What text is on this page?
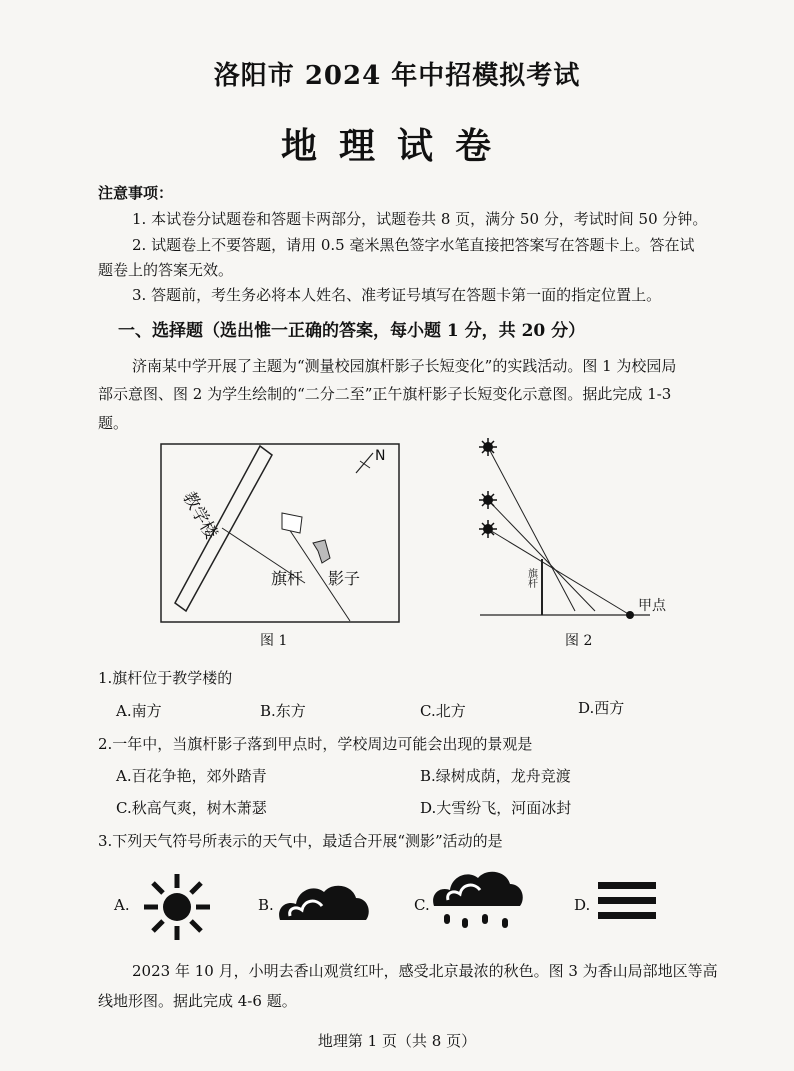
洛阳市 2024 年中招模拟考试
地理试卷
注意事项：
1. 本试卷分试题卷和答题卡两部分，试题卷共 8 页，满分 50 分，考试时间 50 分钟。
2. 试题卷上不要答题，请用 0.5 毫米黑色签字水笔直接把答案写在答题卡上。答在试
题卷上的答案无效。
3. 答题前，考生务必将本人姓名、准考证号填写在答题卡第一面的指定位置上。
一、选择题（选出惟一正确的答案，每小题 1 分，共 20 分）
济南某中学开展了主题为“测量校园旗杆影子长短变化”的实践活动。图 1 为校园局
部示意图、图 2 为学生绘制的“二分二至”正午旗杆影子长短变化示意图。据此完成 1-3
题。
教学楼
旗杆 影子
N
图 1
旗杆
甲点
图 2
1.旗杆位于教学楼的
A.南方	B.东方	C.北方	D.西方
2.一年中，当旗杆影子落到甲点时，学校周边可能会出现的景观是
A.百花争艳，郊外踏青	B.绿树成荫，龙舟竞渡
C.秋高气爽，树木萧瑟	D.大雪纷飞，河面冰封
3.下列天气符号所表示的天气中，最适合开展“测影”活动的是
A.	B.	C.	D.
2023 年 10 月，小明去香山观赏红叶，感受北京最浓的秋色。图 3 为香山局部地区等高
线地形图。据此完成 4-6 题。
地理第 1 页（共 8 页）
